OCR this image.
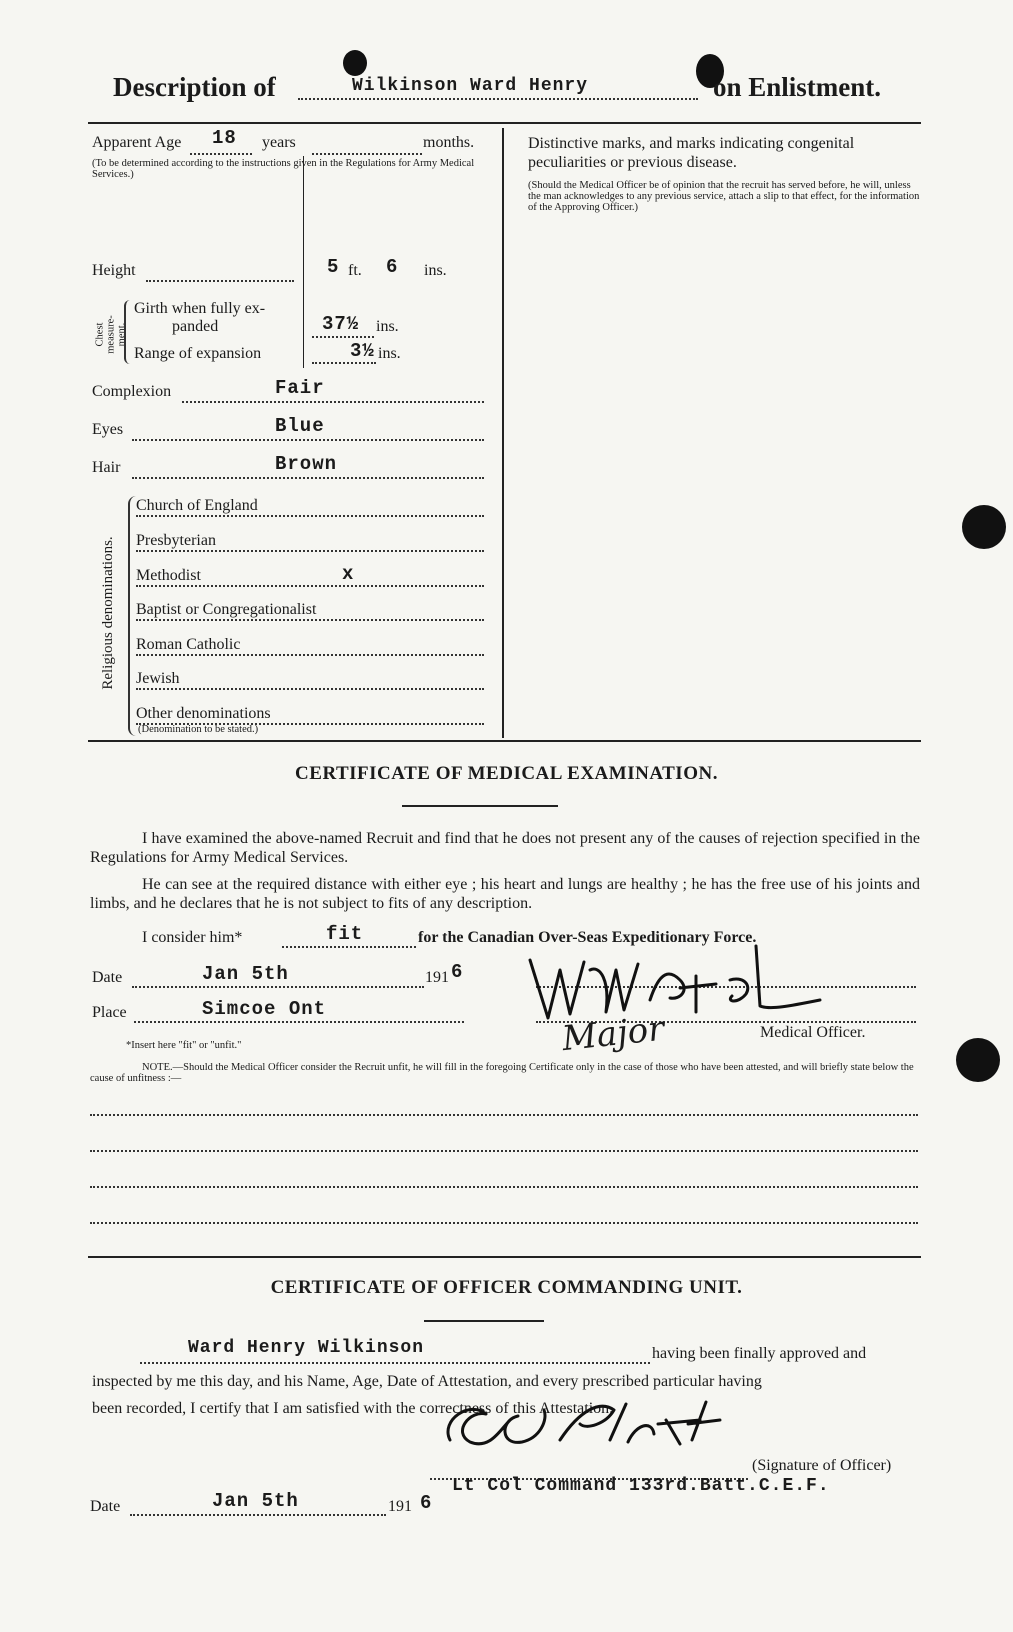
Description of	Wilkinson Ward Henry	on Enlistment.
Apparent Age 18 years	months.
(To be determined according to the instructions given in the Regulations for Army Medical Services.)
Height	5 ft. 6 ins.
Chest measure-ment.
Girth when fully ex-
panded	37½ ins.
Range of expansion	3½ ins.
Complexion	Fair
Eyes	Blue
Hair	Brown
Religious denominations.
Church of England
Presbyterian
Methodist	x
Baptist or Congregationalist
Roman Catholic
Jewish
Other denominations
(Denomination to be stated.)
Distinctive marks, and marks indicating congenital peculiarities or previous disease.
(Should the Medical Officer be of opinion that the recruit has served before, he will, unless the man acknowledges to any previous service, attach a slip to that effect, for the information of the Approving Officer.)
CERTIFICATE OF MEDICAL EXAMINATION.
I have examined the above-named Recruit and find that he does not present any of the causes of rejection specified in the Regulations for Army Medical Services.
He can see at the required distance with either eye ; his heart and lungs are healthy ; he has the free use of his joints and limbs, and he declares that he is not subject to fits of any description.
I consider him*	fit	for the Canadian Over-Seas Expeditionary Force.
Date	Jan 5th	191 6
Place	Simcoe Ont
*Insert here "fit" or "unfit."	Major	Medical Officer.
NOTE.—Should the Medical Officer consider the Recruit unfit, he will fill in the foregoing Certificate only in the case of those who have been attested, and will briefly state below the cause of unfitness :—
CERTIFICATE OF OFFICER COMMANDING UNIT.
Ward Henry Wilkinson	having been finally approved and
inspected by me this day, and his Name, Age, Date of Attestation, and every prescribed particular having
been recorded, I certify that I am satisfied with the correctness of this Attestation.
(Signature of Officer)
Lt Col Command 133rd.Batt.C.E.F.
Date	Jan 5th	191 6
